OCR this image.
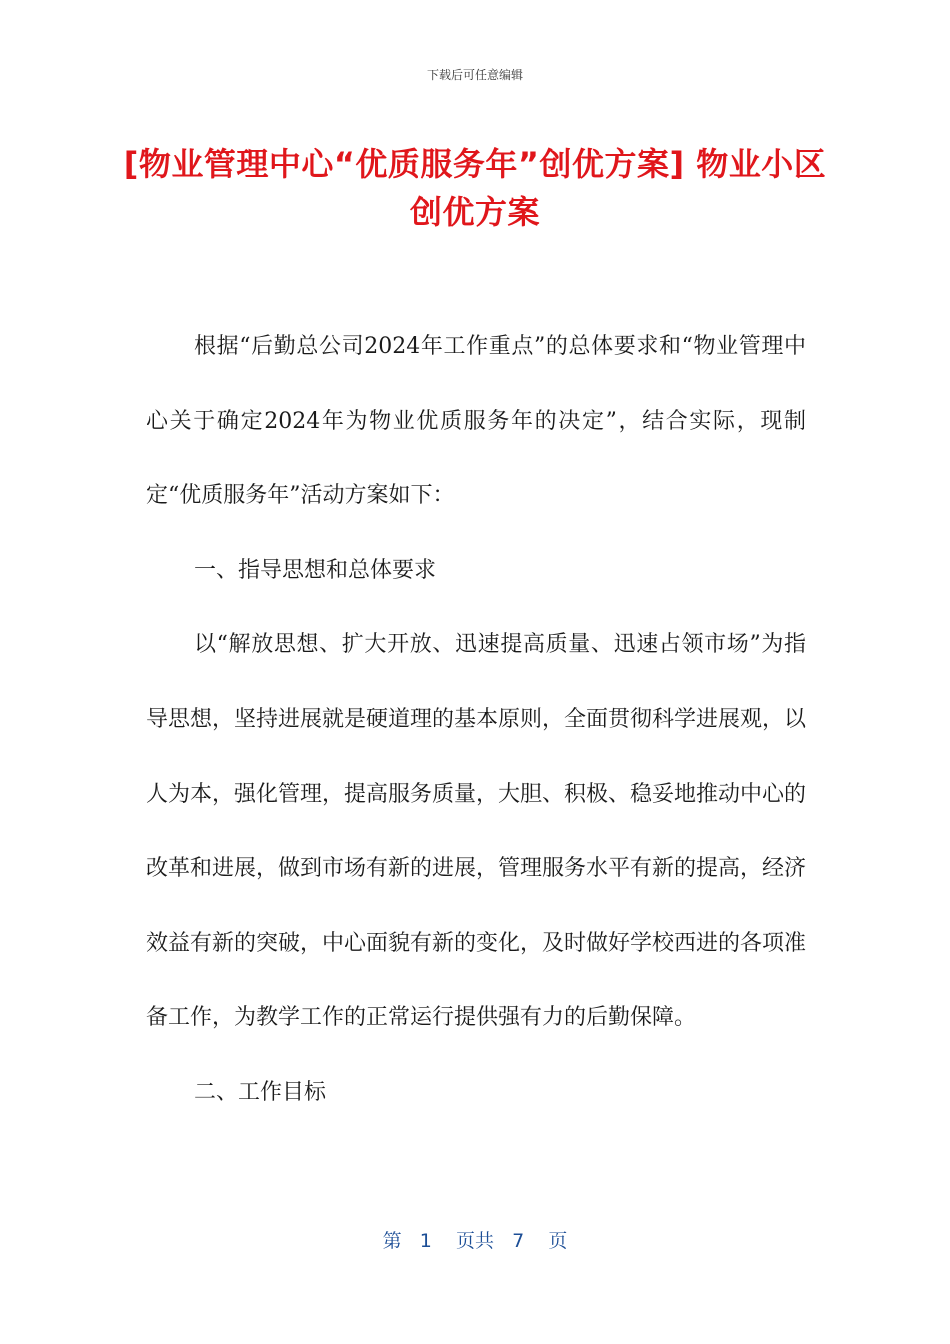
下载后可任意编辑
[物业管理中心“优质服务年”创优方案] 物业小区创优方案

根据“后勤总公司2024年工作重点”的总体要求和“物业管理中心关于确定2024年为物业优质服务年的决定”，结合实际，现制定“优质服务年”活动方案如下：

一、指导思想和总体要求

以“解放思想、扩大开放、迅速提高质量、迅速占领市场”为指导思想，坚持进展就是硬道理的基本原则，全面贯彻科学进展观，以人为本，强化管理，提高服务质量，大胆、积极、稳妥地推动中心的改革和进展，做到市场有新的进展，管理服务水平有新的提高，经济效益有新的突破，中心面貌有新的变化，及时做好学校西进的各项准备工作，为教学工作的正常运行提供强有力的后勤保障。

二、工作目标

第 1 页共 7 页
